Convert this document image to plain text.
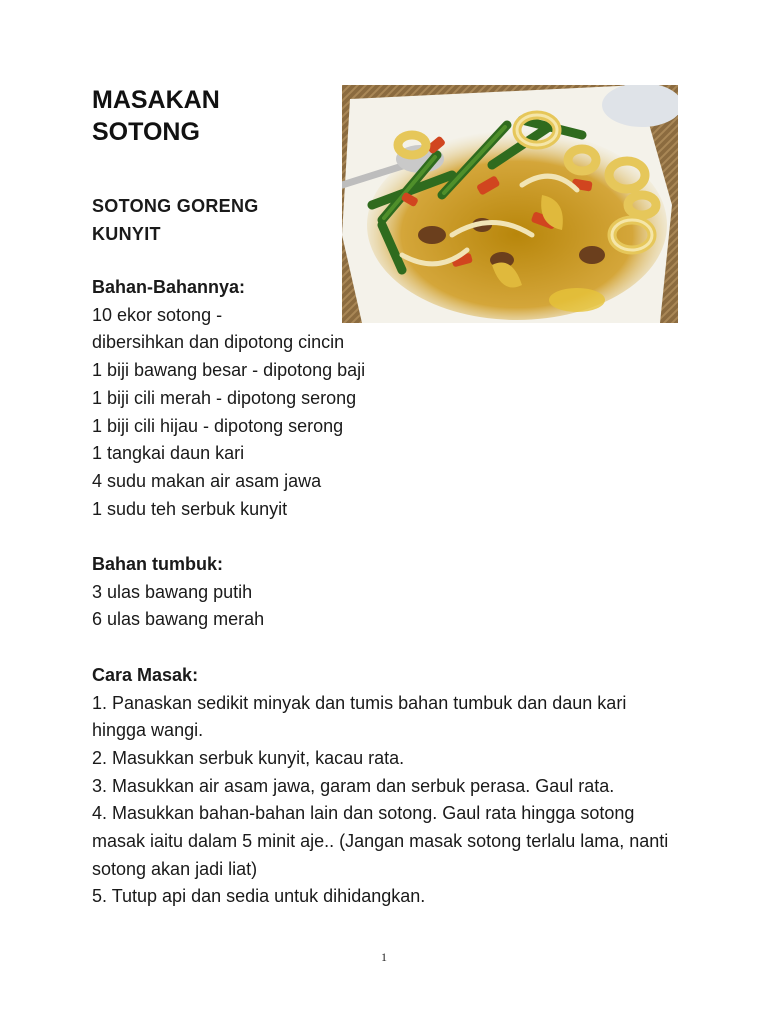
MASAKAN
SOTONG
SOTONG GORENG
KUNYIT
Bahan-Bahannya:
10 ekor sotong -
dibersihkan dan dipotong cincin
1 biji bawang besar - dipotong baji
1 biji cili merah - dipotong serong
1 biji cili hijau - dipotong serong
1 tangkai daun kari
4 sudu makan air asam jawa
1 sudu teh serbuk kunyit
Bahan tumbuk:
3 ulas bawang putih
6 ulas bawang merah
Cara Masak:
1. Panaskan sedikit minyak dan tumis bahan tumbuk dan daun kari hingga wangi.
2. Masukkan serbuk kunyit, kacau rata.
3. Masukkan air asam jawa, garam dan serbuk perasa. Gaul rata.
4. Masukkan bahan-bahan lain dan sotong. Gaul rata hingga sotong masak iaitu dalam 5 minit aje.. (Jangan masak sotong terlalu lama, nanti sotong akan jadi liat)
5. Tutup api dan sedia untuk dihidangkan.
1
